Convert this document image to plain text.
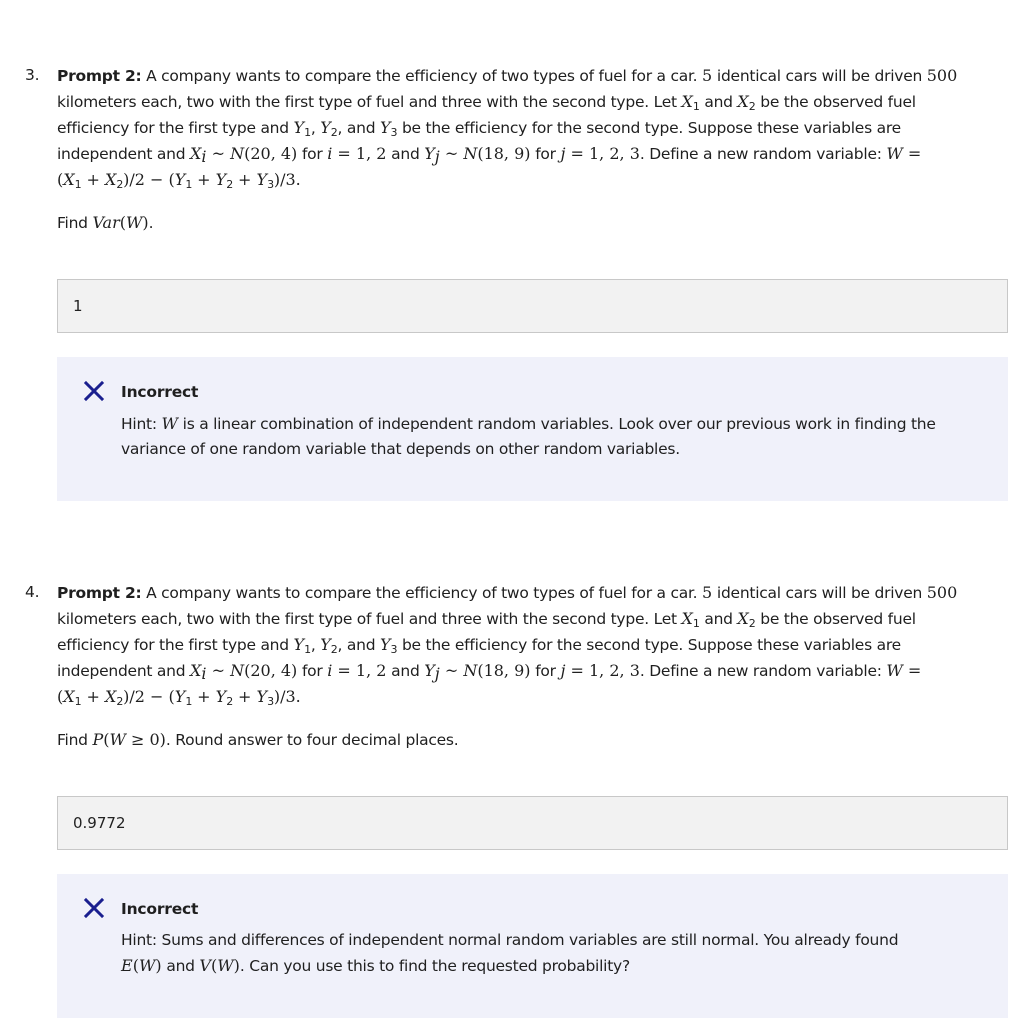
3. Prompt 2: A company wants to compare the efficiency of two types of fuel for a car. 5 identical cars will be driven 500
kilometers each, two with the first type of fuel and three with the second type. Let $X_1$ and $X_2$ be the observed fuel
efficiency for the first type and $Y_1$, $Y_2$, and $Y_3$ be the efficiency for the second type. Suppose these variables are
independent and $X_i$ ~ N(20, 4) for i = 1, 2 and $Y_j$ ~ N(18, 9) for j = 1, 2, 3. Define a new random variable: W =
$(X_1 + X_2)/2 - (Y_1 + Y_2 + Y_3)/3$.
Find Var(W).
1
Incorrect
Hint: W is a linear combination of independent random variables. Look over our previous work in finding the
variance of one random variable that depends on other random variables.
4. Prompt 2: A company wants to compare the efficiency of two types of fuel for a car. 5 identical cars will be driven 500
kilometers each, two with the first type of fuel and three with the second type. Let $X_1$ and $X_2$ be the observed fuel
efficiency for the first type and $Y_1$, $Y_2$, and $Y_3$ be the efficiency for the second type. Suppose these variables are
independent and $X_i$ ~ N(20, 4) for i = 1, 2 and $Y_j$ ~ N(18, 9) for j = 1, 2, 3. Define a new random variable: W =
$(X_1 + X_2)/2 - (Y_1 + Y_2 + Y_3)/3$.
Find P(W ≥ 0). Round answer to four decimal places.
0.9772
Incorrect
Hint: Sums and differences of independent normal random variables are still normal. You already found
E(W) and V(W). Can you use this to find the requested probability?
